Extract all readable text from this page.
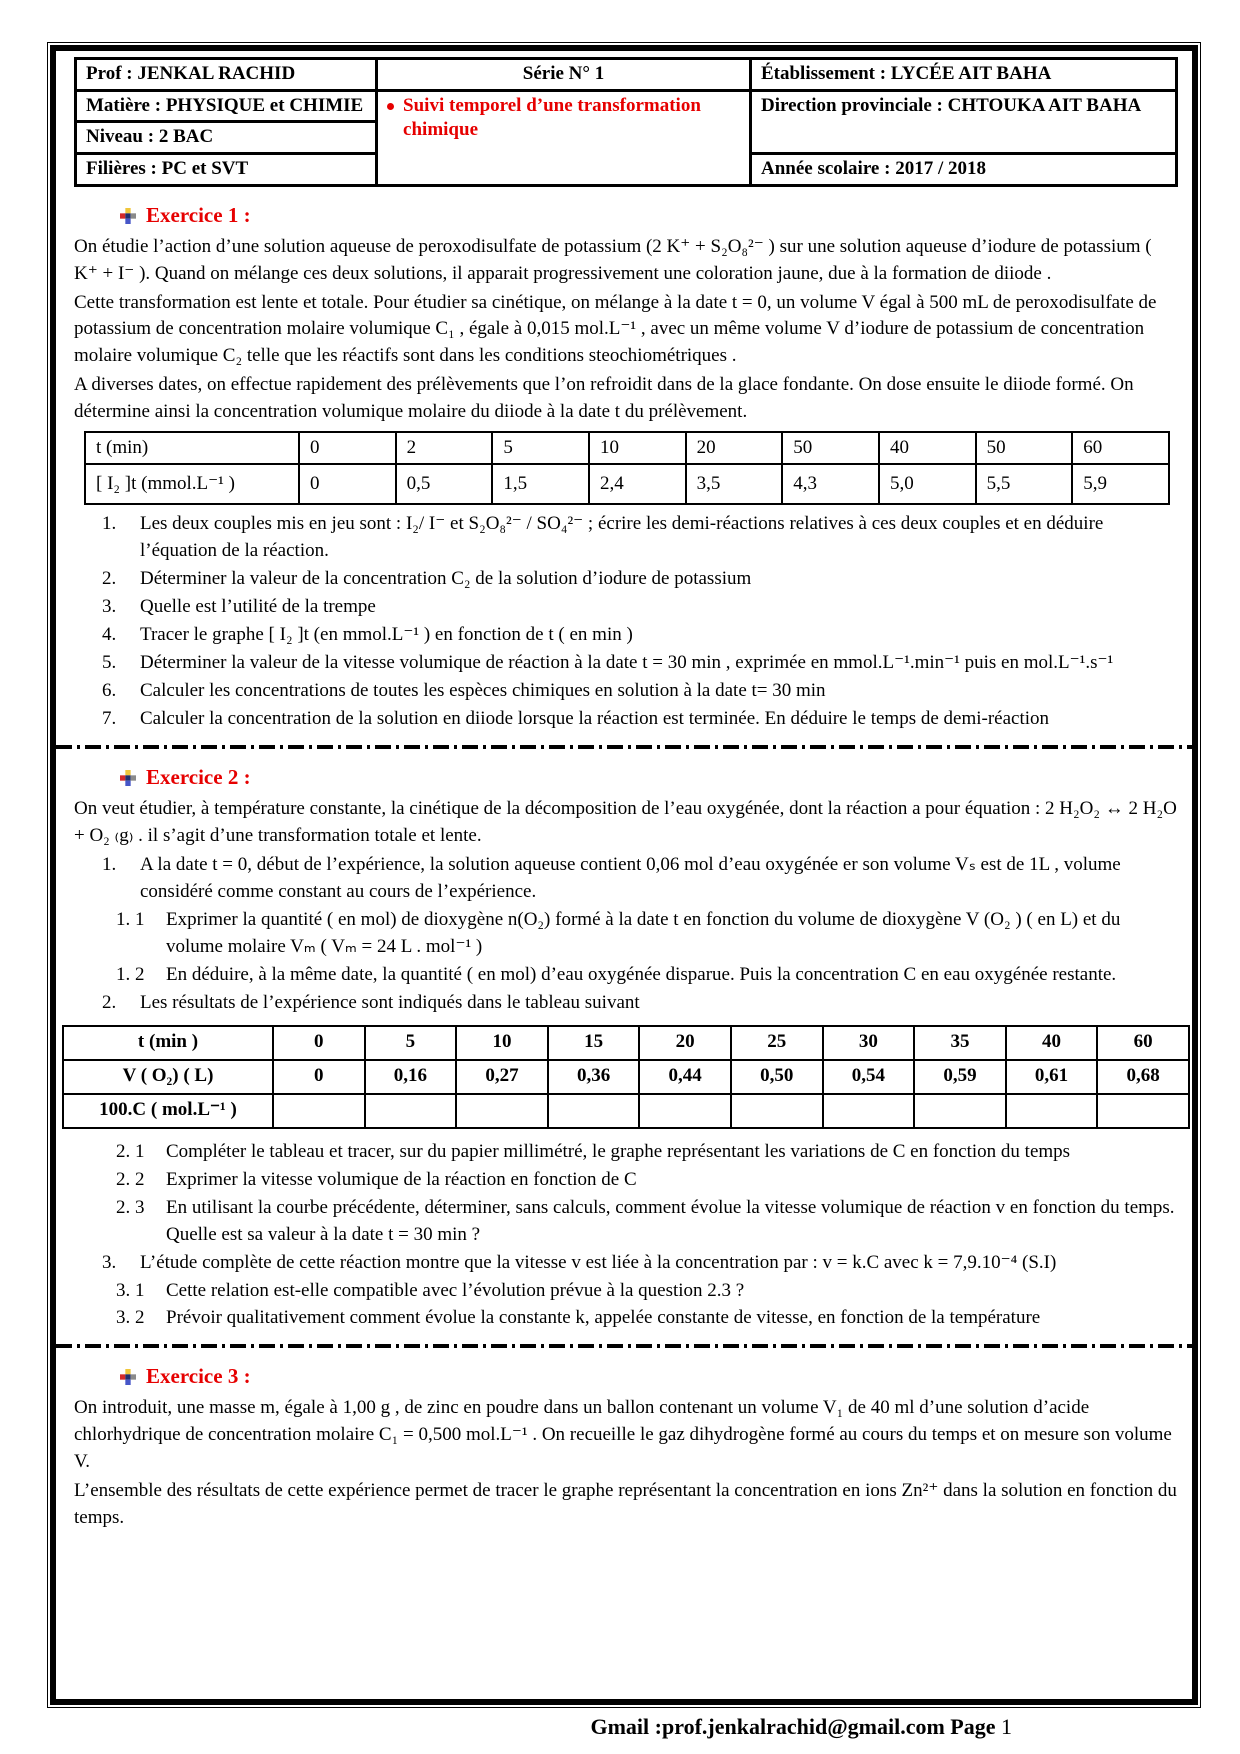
Prof : JENKAL RACHID	Série N° 1	Établissement : LYCÉE AIT BAHA
Matière : PHYSIQUE et CHIMIE	Suivi temporel d’une transformation chimique	Direction provinciale : CHTOUKA AIT BAHA
Niveau : 2 BAC		
Filières : PC et SVT		Année scolaire : 2017 / 2018
Exercice 1 :

On étudie l’action d’une solution aqueuse de peroxodisulfate de potassium (2 K⁺ + S₂O₈²⁻ ) sur une solution aqueuse d’iodure de potassium ( K⁺ + I⁻ ). Quand on mélange ces deux solutions, il apparait progressivement une coloration jaune, due à la formation de diiode .

Cette transformation est lente et totale. Pour étudier sa cinétique, on mélange à la date t = 0, un volume V égal à 500 mL de peroxodisulfate de potassium de concentration molaire volumique C₁ , égale à 0,015 mol.L⁻¹ , avec un même volume V d’iodure de potassium de concentration molaire volumique C₂ telle que les réactifs sont dans les conditions steochiométriques .

A diverses dates, on effectue rapidement des prélèvements que l’on refroidit dans de la glace fondante. On dose ensuite le diiode formé. On détermine ainsi la concentration volumique molaire du diiode à la date t du prélèvement.

t (min)	0	2	5	10	20	50	40	50	60
[ I₂ ]t (mmol.L⁻¹ )	0	0,5	1,5	2,4	3,5	4,3	5,0	5,5	5,9
1.	Les deux couples mis en jeu sont : I₂/ I⁻ et S₂O₈²⁻ / SO₄²⁻ ; écrire les demi-réactions relatives à ces deux couples et en déduire l’équation de la réaction.
2.	Déterminer la valeur de la concentration C₂ de la solution d’iodure de potassium
3.	Quelle est l’utilité de la trempe
4.	Tracer le graphe [ I₂ ]t (en mmol.L⁻¹ ) en fonction de t ( en min )
5.	Déterminer la valeur de la vitesse volumique de réaction à la date t = 30 min , exprimée en mmol.L⁻¹.min⁻¹ puis en mol.L⁻¹.s⁻¹
6.	Calculer les concentrations de toutes les espèces chimiques en solution à la date t= 30 min
7.	Calculer la concentration de la solution en diiode lorsque la réaction est terminée. En déduire le temps de demi-réaction
Exercice 2 :

On veut étudier, à température constante, la cinétique de la décomposition de l’eau oxygénée, dont la réaction a pour équation : 2 H₂O₂ ↔ 2 H₂O + O₂ ₍g₎ . il s’agit d’une transformation totale et lente.

1.	A la date t = 0, début de l’expérience, la solution aqueuse contient 0,06 mol d’eau oxygénée er son volume Vₛ est de 1L , volume considéré comme constant au cours de l’expérience.
1. 1	Exprimer la quantité ( en mol) de dioxygène n(O₂) formé à la date t en fonction du volume de dioxygène V (O₂ ) ( en L) et du volume molaire Vₘ ( Vₘ = 24 L . mol⁻¹ )
1. 2	En déduire, à la même date, la quantité ( en mol) d’eau oxygénée disparue. Puis la concentration C en eau oxygénée restante.
2.	Les résultats de l’expérience sont indiqués dans le tableau suivant
t (min )	0	5	10	15	20	25	30	35	40	60
V ( O₂) ( L)	0	0,16	0,27	0,36	0,44	0,50	0,54	0,59	0,61	0,68
100.C ( mol.L⁻¹ )										
2. 1	Compléter le tableau et tracer, sur du papier millimétré, le graphe représentant les variations de C en fonction du temps
2. 2	Exprimer la vitesse volumique de la réaction en fonction de C
2. 3	En utilisant la courbe précédente, déterminer, sans calculs, comment évolue la vitesse volumique de réaction v en fonction du temps. Quelle est sa valeur à la date t = 30 min ?
3.	L’étude complète de cette réaction montre que la vitesse v est liée à la concentration par : v = k.C avec k = 7,9.10⁻⁴ (S.I)
3. 1	Cette relation est-elle compatible avec l’évolution prévue à la question 2.3 ?
3. 2	Prévoir qualitativement comment évolue la constante k, appelée constante de vitesse, en fonction de la température
Exercice 3 :

On introduit, une masse m, égale à 1,00 g , de zinc en poudre dans un ballon contenant un volume V₁ de 40 ml d’une solution d’acide chlorhydrique de concentration molaire C₁ = 0,500 mol.L⁻¹ . On recueille le gaz dihydrogène formé au cours du temps et on mesure son volume V.

L’ensemble des résultats de cette expérience permet de tracer le graphe représentant la concentration en ions Zn²⁺ dans la solution en fonction du temps.

Gmail :prof.jenkalrachid@gmail.com Page 1
